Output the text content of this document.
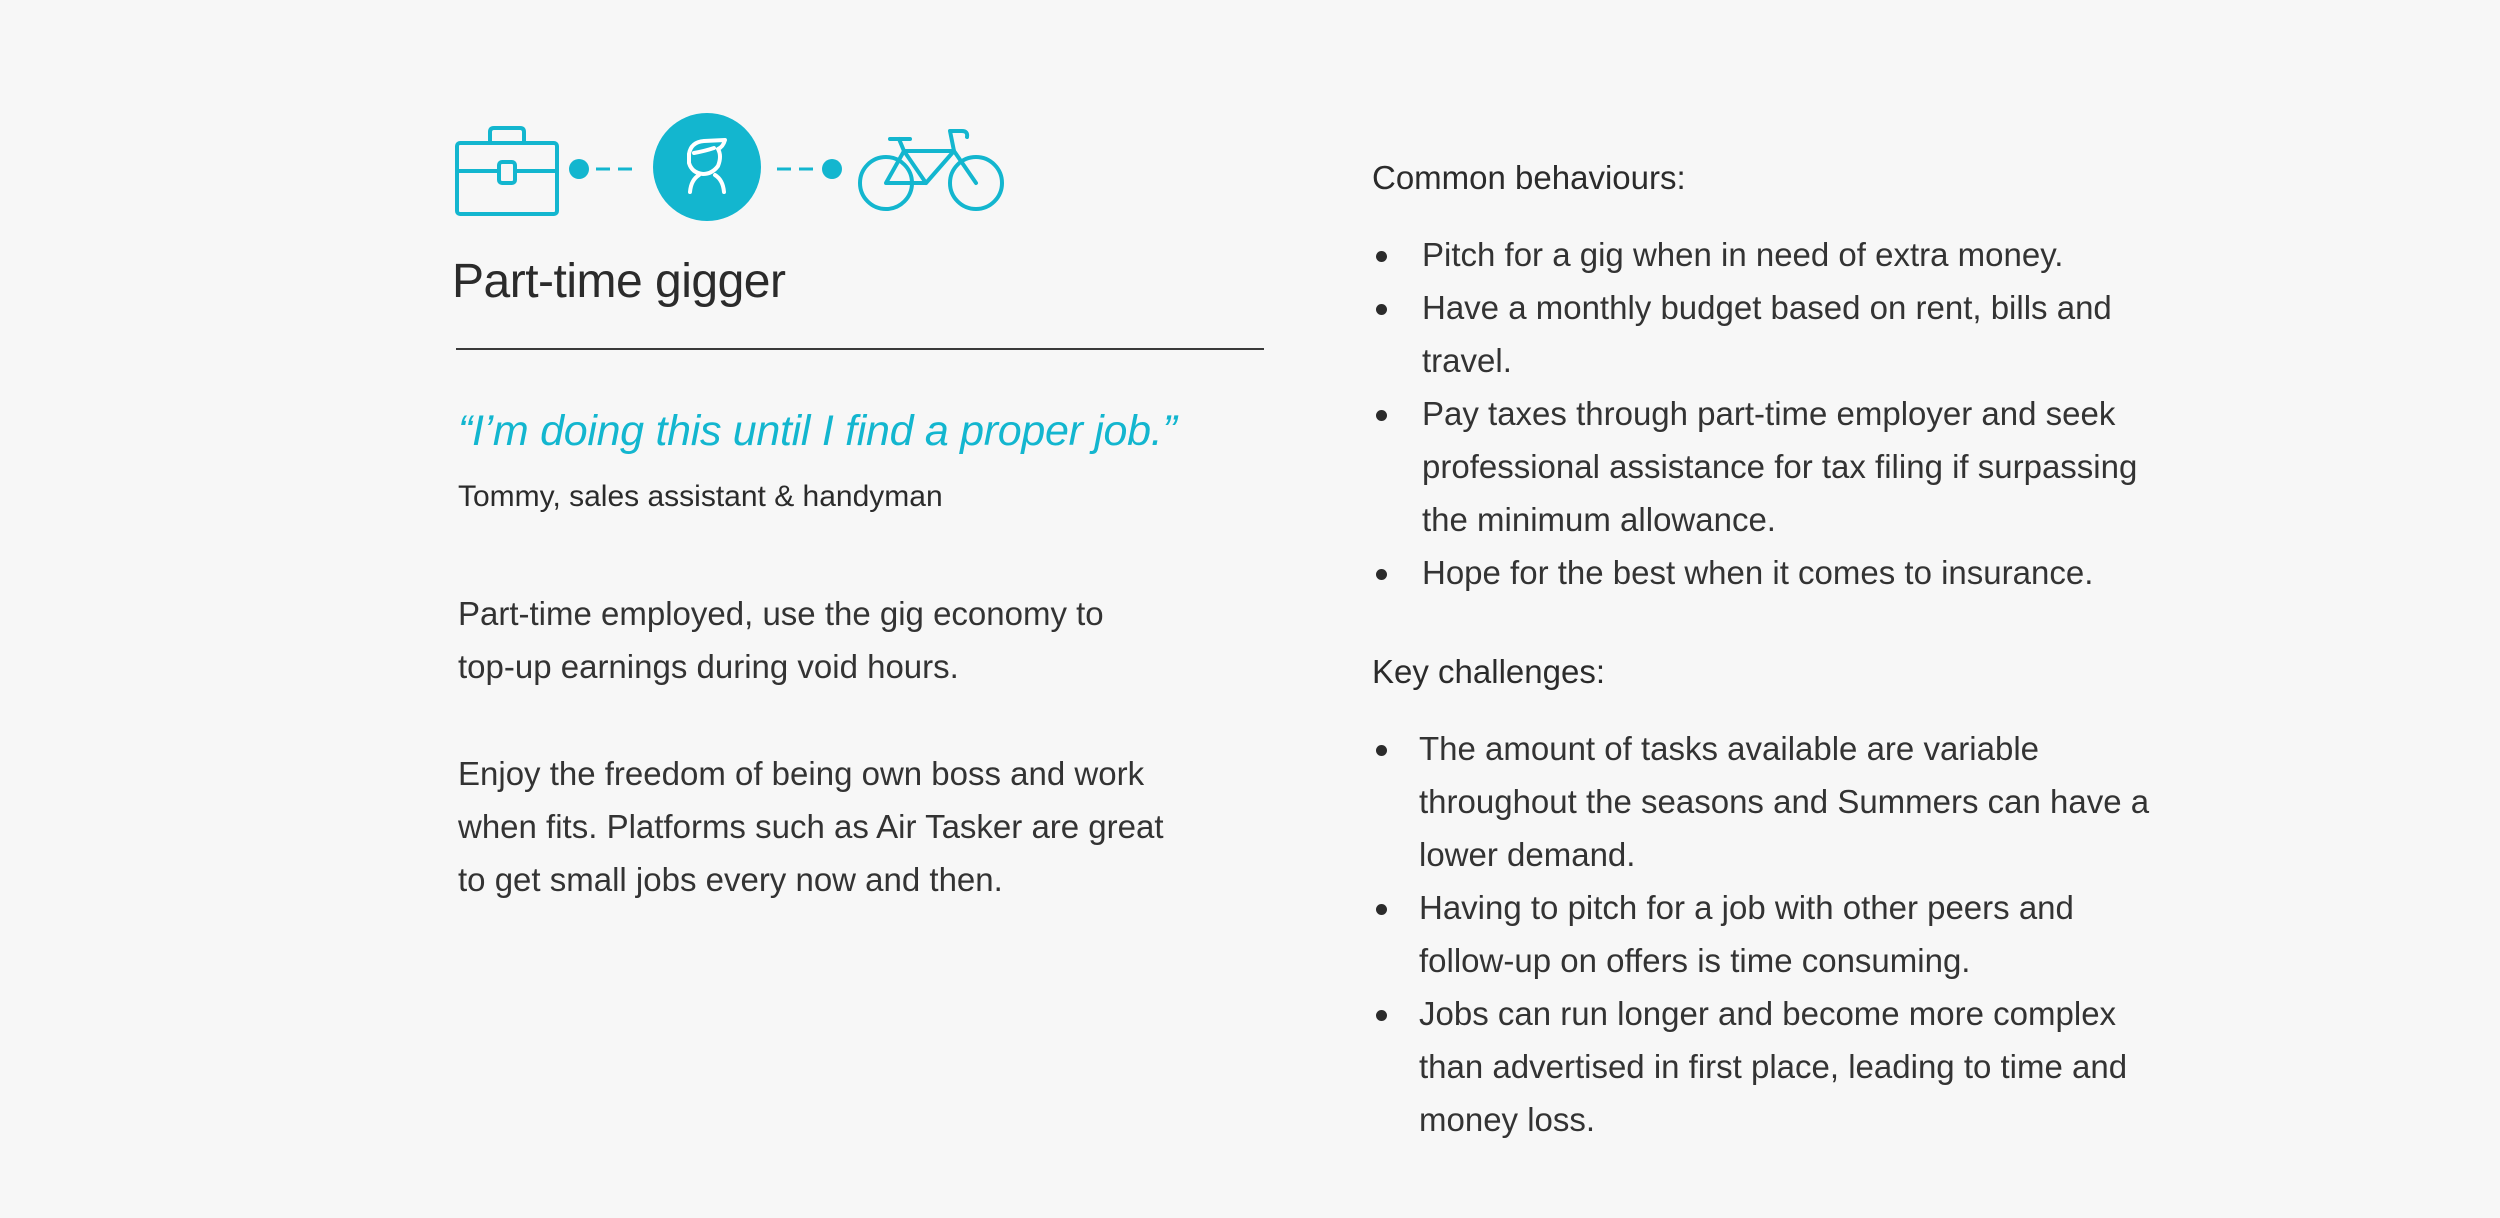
Part-time gigger

“I’m doing this until I find a proper job.”

Tommy, sales assistant & handyman

Part-time employed, use the gig economy to top-up earnings during void hours.

Enjoy the freedom of being own boss and work when fits. Platforms such as Air Tasker are great to get small jobs every now and then.

Common behaviours:
Pitch for a gig when in need of extra money.
Have a monthly budget based on rent, bills and travel.
Pay taxes through part-time employer and seek professional assistance for tax filing if surpassing the minimum allowance.
Hope for the best when it comes to insurance.
Key challenges:
The amount of tasks available are variable throughout the seasons and Summers can have a lower demand.
Having to pitch for a job with other peers and follow-up on offers is time consuming.
Jobs can run longer and become more complex than advertised in first place, leading to time and money loss.
